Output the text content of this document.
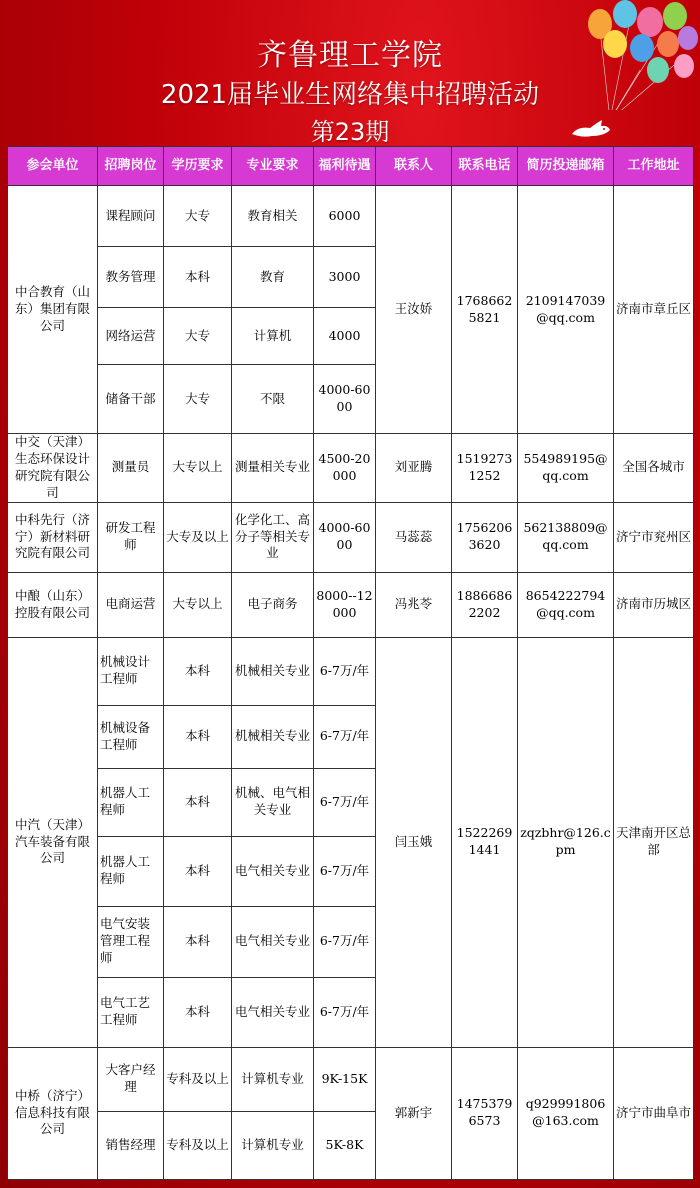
齐鲁理工学院
2021届毕业生网络集中招聘活动
第23期
参会单位	招聘岗位	学历要求	专业要求	福利待遇	联系人	联系电话	简历投递邮箱	工作地址
中合教育（山东）集团有限公司	课程顾问	大专	教育相关	6000	王汝娇	17686625821	2109147039@qq.com	济南市章丘区
	教务管理	本科	教育	3000				
	网络运营	大专	计算机	4000				
	储备干部	大专	不限	4000-6000				
中交（天津）生态环保设计研究院有限公司	测量员	大专以上	测量相关专业	4500-20000	刘亚腾	15192731252	554989195@qq.com	全国各城市
中科先行（济宁）新材料研究院有限公司	研发工程师	大专及以上	化学化工、高分子等相关专业	4000-6000	马蕊蕊	17562063620	562138809@qq.com	济宁市兖州区
中酿（山东）控股有限公司	电商运营	大专以上	电子商务	8000--12000	冯兆苓	18866862202	8654222794@qq.com	济南市历城区
中汽（天津）汽车装备有限公司	机械设计工程师	本科	机械相关专业	6-7万/年	闫玉娥	15222691441	zqzbhr@126.cpm	天津南开区总部
	机械设备工程师	本科	机械相关专业	6-7万/年				
	机器人工程师	本科	机械、电气相关专业	6-7万/年				
	机器人工程师	本科	电气相关专业	6-7万/年				
	电气安装管理工程师	本科	电气相关专业	6-7万/年				
	电气工艺工程师	本科	电气相关专业	6-7万/年				
中桥（济宁）信息科技有限公司	大客户经理	专科及以上	计算机专业	9K-15K	郭新宇	14753796573	q929991806@163.com	济宁市曲阜市
	销售经理	专科及以上	计算机专业	5K-8K				
